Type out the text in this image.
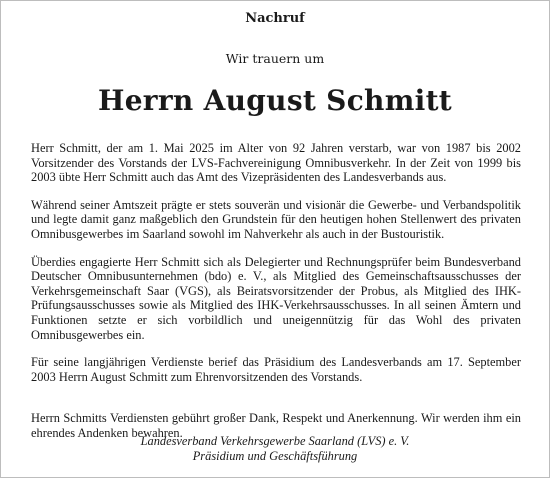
Nachruf
Wir trauern um
Herrn August Schmitt

Herr Schmitt, der am 1. Mai 2025 im Alter von 92 Jahren verstarb, war von 1987 bis 2002 Vorsitzender des Vorstands der LVS-Fachvereinigung Omnibusverkehr. In der Zeit von 1999 bis 2003 übte Herr Schmitt auch das Amt des Vizepräsidenten des Landesverbands aus.

Während seiner Amtszeit prägte er stets souverän und visionär die Gewerbe- und Verbandspolitik und legte damit ganz maßgeblich den Grundstein für den heutigen hohen Stellenwert des privaten Omnibusgewerbes im Saarland sowohl im Nahverkehr als auch in der Bustouristik.

Überdies engagierte Herr Schmitt sich als Delegierter und Rechnungsprüfer beim Bundesverband Deutscher Omnibusunternehmen (bdo) e. V., als Mitglied des Gemeinschaftsausschusses der Verkehrsgemeinschaft Saar (VGS), als Beiratsvorsitzender der Probus, als Mitglied des IHK-Prüfungsausschusses sowie als Mitglied des IHK-Verkehrsausschusses. In all seinen Ämtern und Funktionen setzte er sich vorbildlich und uneigennützig für das Wohl des privaten Omnibusgewerbes ein.

Für seine langjährigen Verdienste berief das Präsidium des Landesverbands am 17. September 2003 Herrn August Schmitt zum Ehrenvorsitzenden des Vorstands.

Herrn Schmitts Verdiensten gebührt großer Dank, Respekt und Anerkennung. Wir werden ihm ein ehrendes Andenken bewahren.

Landesverband Verkehrsgewerbe Saarland (LVS) e. V.
Präsidium und Geschäftsführung
